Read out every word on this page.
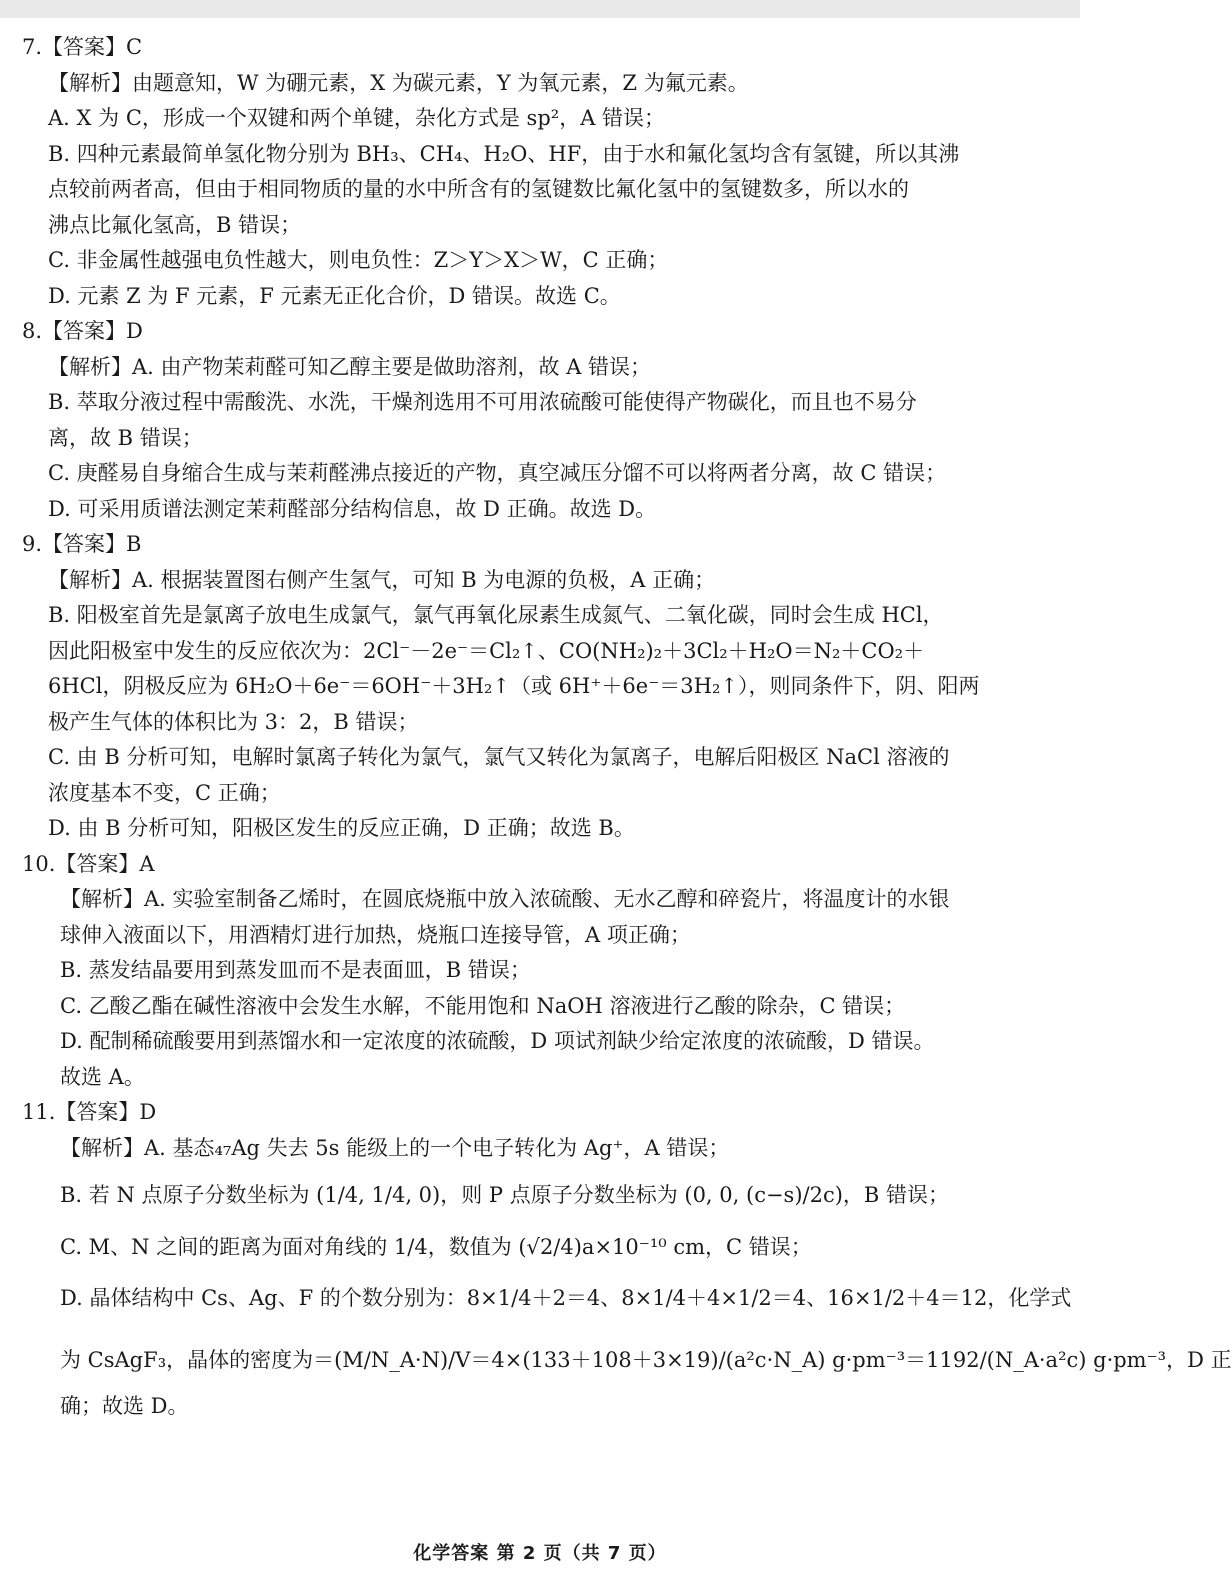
7.【答案】C
【解析】由题意知，W 为硼元素，X 为碳元素，Y 为氧元素，Z 为氟元素。
A. X 为 C，形成一个双键和两个单键，杂化方式是 sp²，A 错误；
B. 四种元素最简单氢化物分别为 BH₃、CH₄、H₂O、HF，由于水和氟化氢均含有氢键，所以其沸
点较前两者高，但由于相同物质的量的水中所含有的氢键数比氟化氢中的氢键数多，所以水的
沸点比氟化氢高，B 错误；
C. 非金属性越强电负性越大，则电负性：Z＞Y＞X＞W，C 正确；
D. 元素 Z 为 F 元素，F 元素无正化合价，D 错误。故选 C。
8.【答案】D
【解析】A. 由产物茉莉醛可知乙醇主要是做助溶剂，故 A 错误；
B. 萃取分液过程中需酸洗、水洗，干燥剂选用不可用浓硫酸可能使得产物碳化，而且也不易分
离，故 B 错误；
C. 庚醛易自身缩合生成与茉莉醛沸点接近的产物，真空减压分馏不可以将两者分离，故 C 错误；
D. 可采用质谱法测定茉莉醛部分结构信息，故 D 正确。故选 D。
9.【答案】B
【解析】A. 根据装置图右侧产生氢气，可知 B 为电源的负极，A 正确；
B. 阳极室首先是氯离子放电生成氯气，氯气再氧化尿素生成氮气、二氧化碳，同时会生成 HCl，
因此阳极室中发生的反应依次为：2Cl⁻－2e⁻＝Cl₂↑、CO(NH₂)₂＋3Cl₂＋H₂O＝N₂＋CO₂＋
6HCl，阴极反应为 6H₂O＋6e⁻＝6OH⁻＋3H₂↑（或 6H⁺＋6e⁻＝3H₂↑），则同条件下，阴、阳两
极产生气体的体积比为 3：2，B 错误；
C. 由 B 分析可知，电解时氯离子转化为氯气，氯气又转化为氯离子，电解后阳极区 NaCl 溶液的
浓度基本不变，C 正确；
D. 由 B 分析可知，阳极区发生的反应正确，D 正确；故选 B。
10.【答案】A
【解析】A. 实验室制备乙烯时，在圆底烧瓶中放入浓硫酸、无水乙醇和碎瓷片，将温度计的水银
球伸入液面以下，用酒精灯进行加热，烧瓶口连接导管，A 项正确；
B. 蒸发结晶要用到蒸发皿而不是表面皿，B 错误；
C. 乙酸乙酯在碱性溶液中会发生水解，不能用饱和 NaOH 溶液进行乙酸的除杂，C 错误；
D. 配制稀硫酸要用到蒸馏水和一定浓度的浓硫酸，D 项试剂缺少给定浓度的浓硫酸，D 错误。
故选 A。
11.【答案】D
【解析】A. 基态₄₇Ag 失去 5s 能级上的一个电子转化为 Ag⁺，A 错误；
B. 若 N 点原子分数坐标为 (1/4, 1/4, 0)，则 P 点原子分数坐标为 (0, 0, (c−s)/2c)，B 错误；
C. M、N 之间的距离为面对角线的 1/4，数值为 (√2/4)a×10⁻¹⁰ cm，C 错误；
D. 晶体结构中 Cs、Ag、F 的个数分别为：8×1/4＋2＝4、8×1/4＋4×1/2＝4、16×1/2＋4＝12，化学式
为 CsAgF₃，晶体的密度为＝(M/N_A·N)/V＝4×(133＋108＋3×19)/(a²c·N_A) g·pm⁻³＝1192/(N_A·a²c) g·pm⁻³，D 正
确；故选 D。
化学答案 第 2 页（共 7 页）
